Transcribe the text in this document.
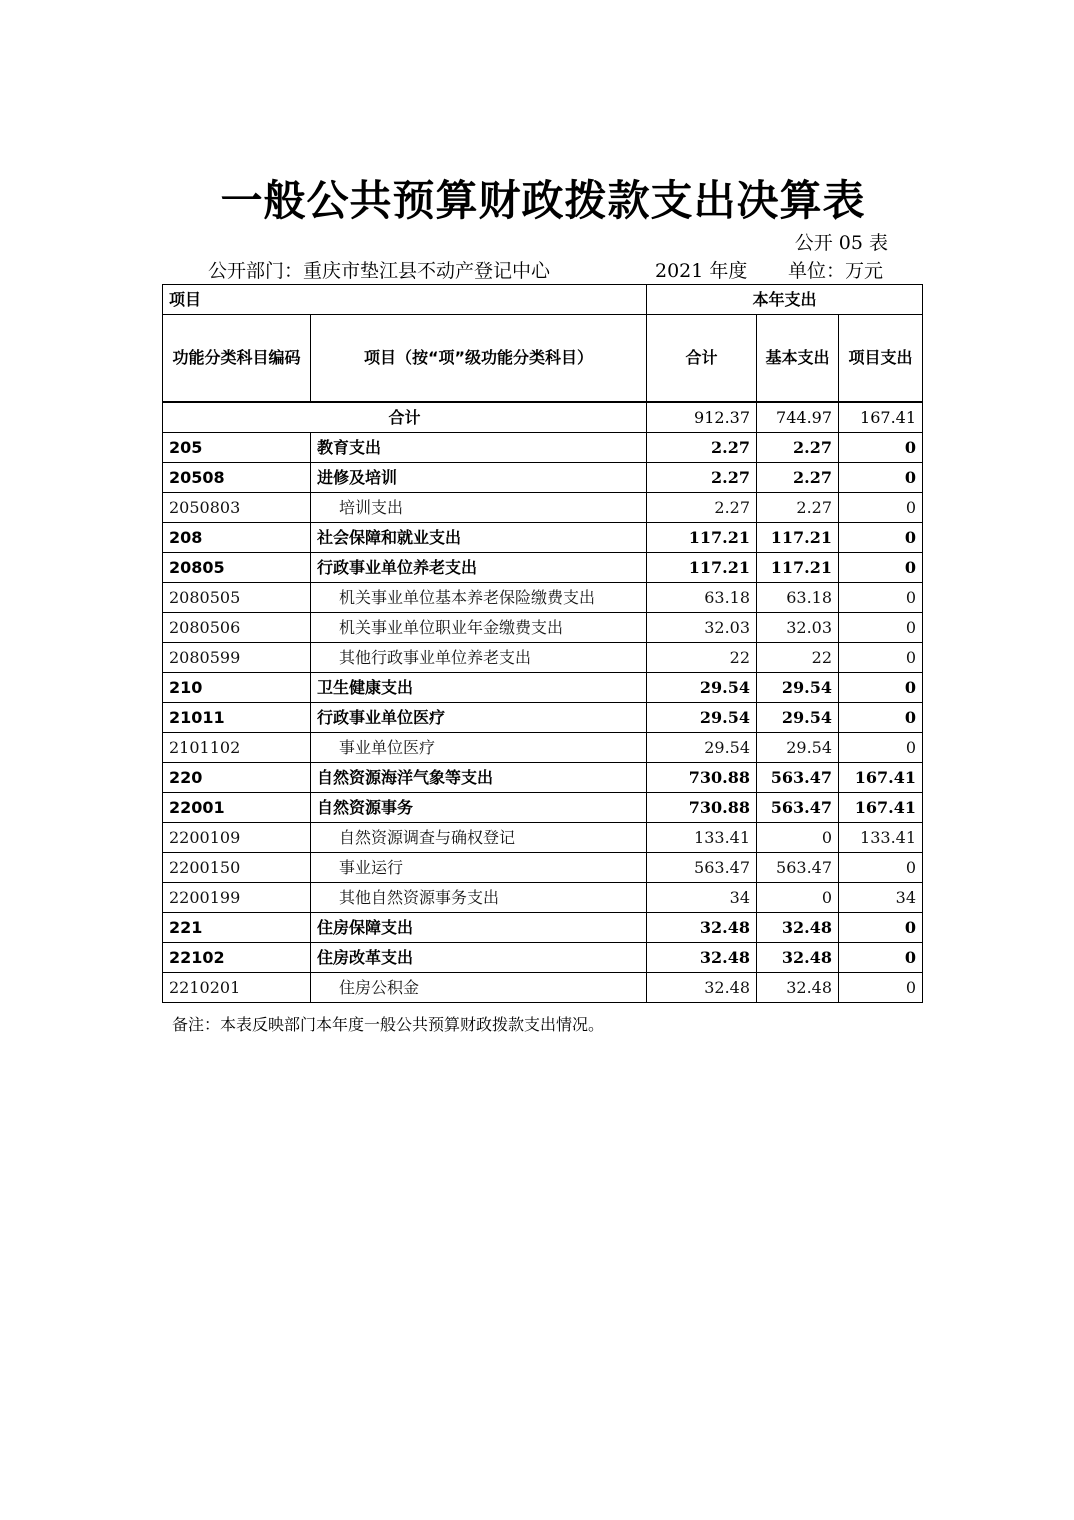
一般公共预算财政拨款支出决算表
公开 05 表
公开部门：重庆市垫江县不动产登记中心	2021 年度 单位：万元
项目		本年支出		
功能分类科目编码	项目（按“项”级功能分类科目）	合计	基本支出	项目支出
合计		912.37	744.97	167.41
205	教育支出	2.27	2.27	0
20508	进修及培训	2.27	2.27	0
2050803	培训支出	2.27	2.27	0
208	社会保障和就业支出	117.21	117.21	0
20805	行政事业单位养老支出	117.21	117.21	0
2080505	机关事业单位基本养老保险缴费支出	63.18	63.18	0
2080506	机关事业单位职业年金缴费支出	32.03	32.03	0
2080599	其他行政事业单位养老支出	22	22	0
210	卫生健康支出	29.54	29.54	0
21011	行政事业单位医疗	29.54	29.54	0
2101102	事业单位医疗	29.54	29.54	0
220	自然资源海洋气象等支出	730.88	563.47	167.41
22001	自然资源事务	730.88	563.47	167.41
2200109	自然资源调查与确权登记	133.41	0	133.41
2200150	事业运行	563.47	563.47	0
2200199	其他自然资源事务支出	34	0	34
221	住房保障支出	32.48	32.48	0
22102	住房改革支出	32.48	32.48	0
2210201	住房公积金	32.48	32.48	0
备注：本表反映部门本年度一般公共预算财政拨款支出情况。
